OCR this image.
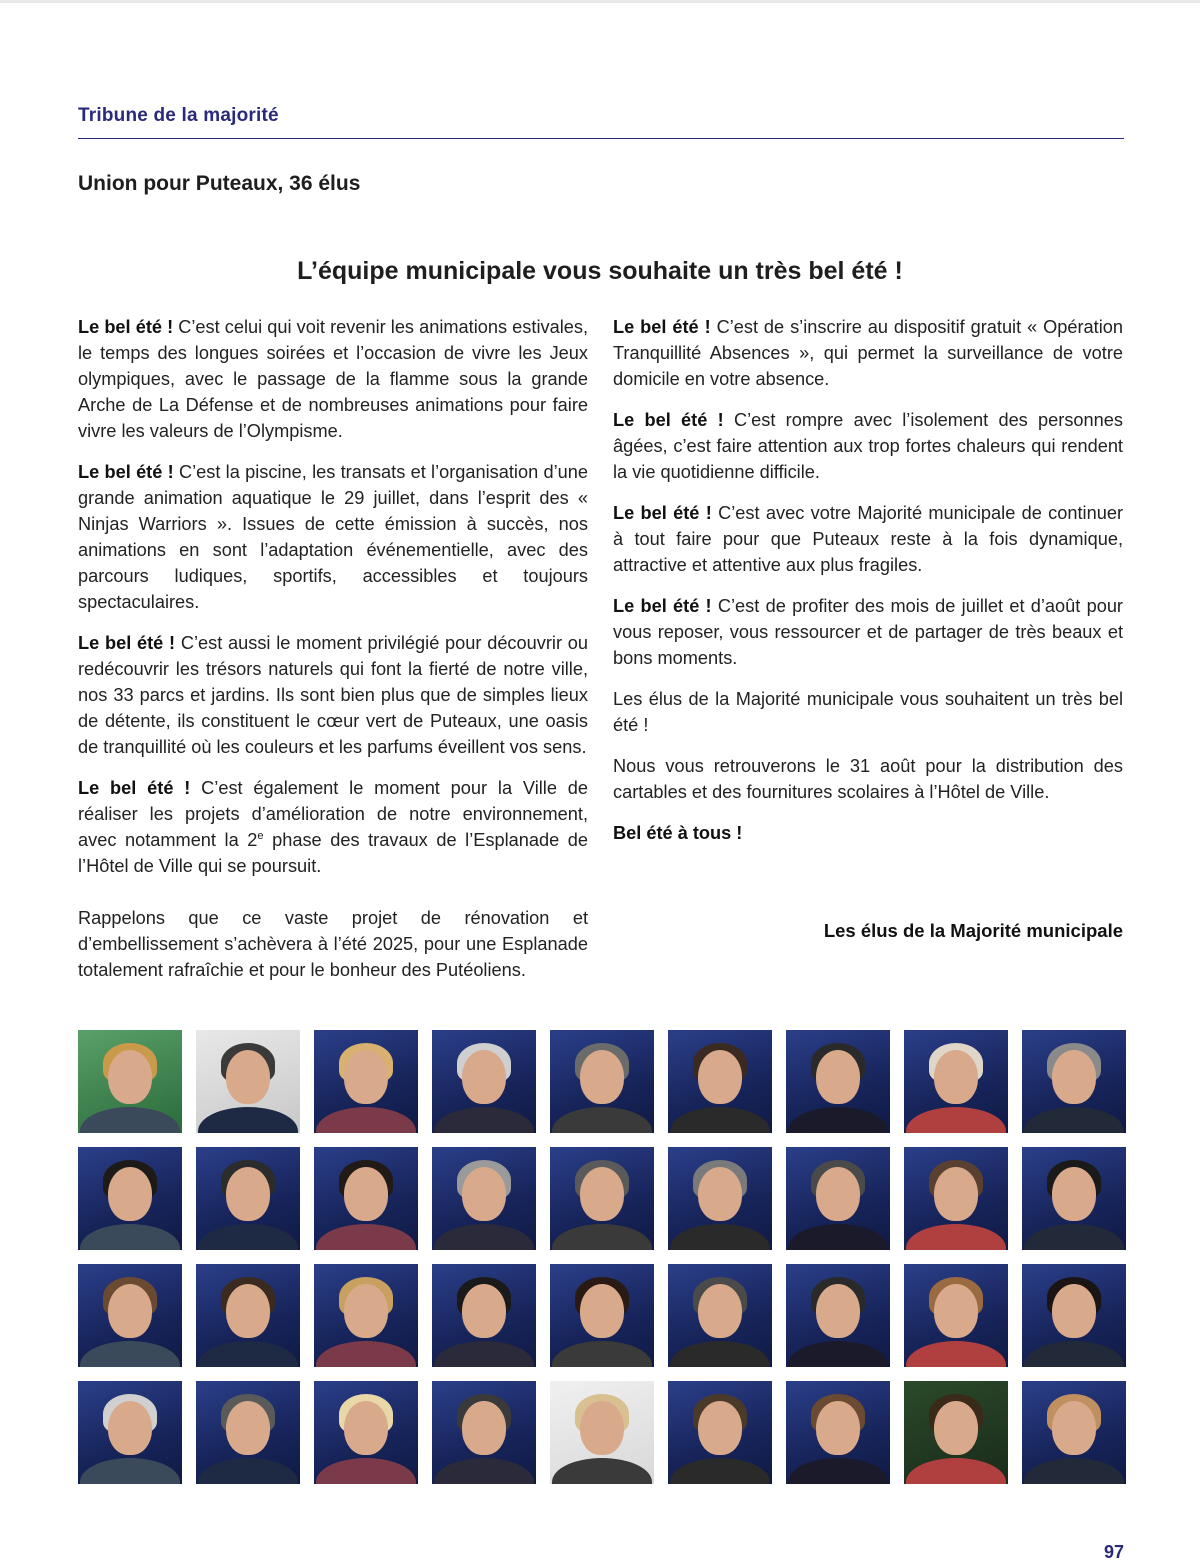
Tribune de la majorité
Union pour Puteaux, 36 élus
L’équipe municipale vous souhaite un très bel été !

Le bel été ! C’est celui qui voit revenir les animations estivales, le temps des longues soirées et l’occasion de vivre les Jeux olympiques, avec le passage de la flamme sous la grande Arche de La Défense et de nombreuses animations pour faire vivre les valeurs de l’Olympisme.

Le bel été ! C’est la piscine, les transats et l’organisation d’une grande animation aquatique le 29 juillet, dans l’esprit des « Ninjas Warriors ». Issues de cette émission à succès, nos animations en sont l’adaptation événementielle, avec des parcours ludiques, sportifs, accessibles et toujours spectaculaires.

Le bel été ! C’est aussi le moment privilégié pour découvrir ou redécouvrir les trésors naturels qui font la fierté de notre ville, nos 33 parcs et jardins. Ils sont bien plus que de simples lieux de détente, ils constituent le cœur vert de Puteaux, une oasis de tranquillité où les couleurs et les parfums éveillent vos sens.

Le bel été ! C’est également le moment pour la Ville de réaliser les projets d’amélioration de notre environnement, avec notamment la 2e phase des travaux de l’Esplanade de l’Hôtel de Ville qui se poursuit.

Rappelons que ce vaste projet de rénovation et d’embellissement s’achèvera à l’été 2025, pour une Esplanade totalement rafraîchie et pour le bonheur des Putéoliens.

Le bel été ! C’est de s’inscrire au dispositif gratuit « Opération Tranquillité Absences », qui permet la surveillance de votre domicile en votre absence.

Le bel été ! C’est rompre avec l’isolement des personnes âgées, c’est faire attention aux trop fortes chaleurs qui rendent la vie quotidienne difficile.

Le bel été ! C’est avec votre Majorité municipale de continuer à tout faire pour que Puteaux reste à la fois dynamique, attractive et attentive aux plus fragiles.

Le bel été ! C’est de profiter des mois de juillet et d’août pour vous reposer, vous ressourcer et de partager de très beaux et bons moments.

Les élus de la Majorité municipale vous souhaitent un très bel été !

Nous vous retrouverons le 31 août pour la distribution des cartables et des fournitures scolaires à l’Hôtel de Ville.

Bel été à tous !

Les élus de la Majorité municipale
97
